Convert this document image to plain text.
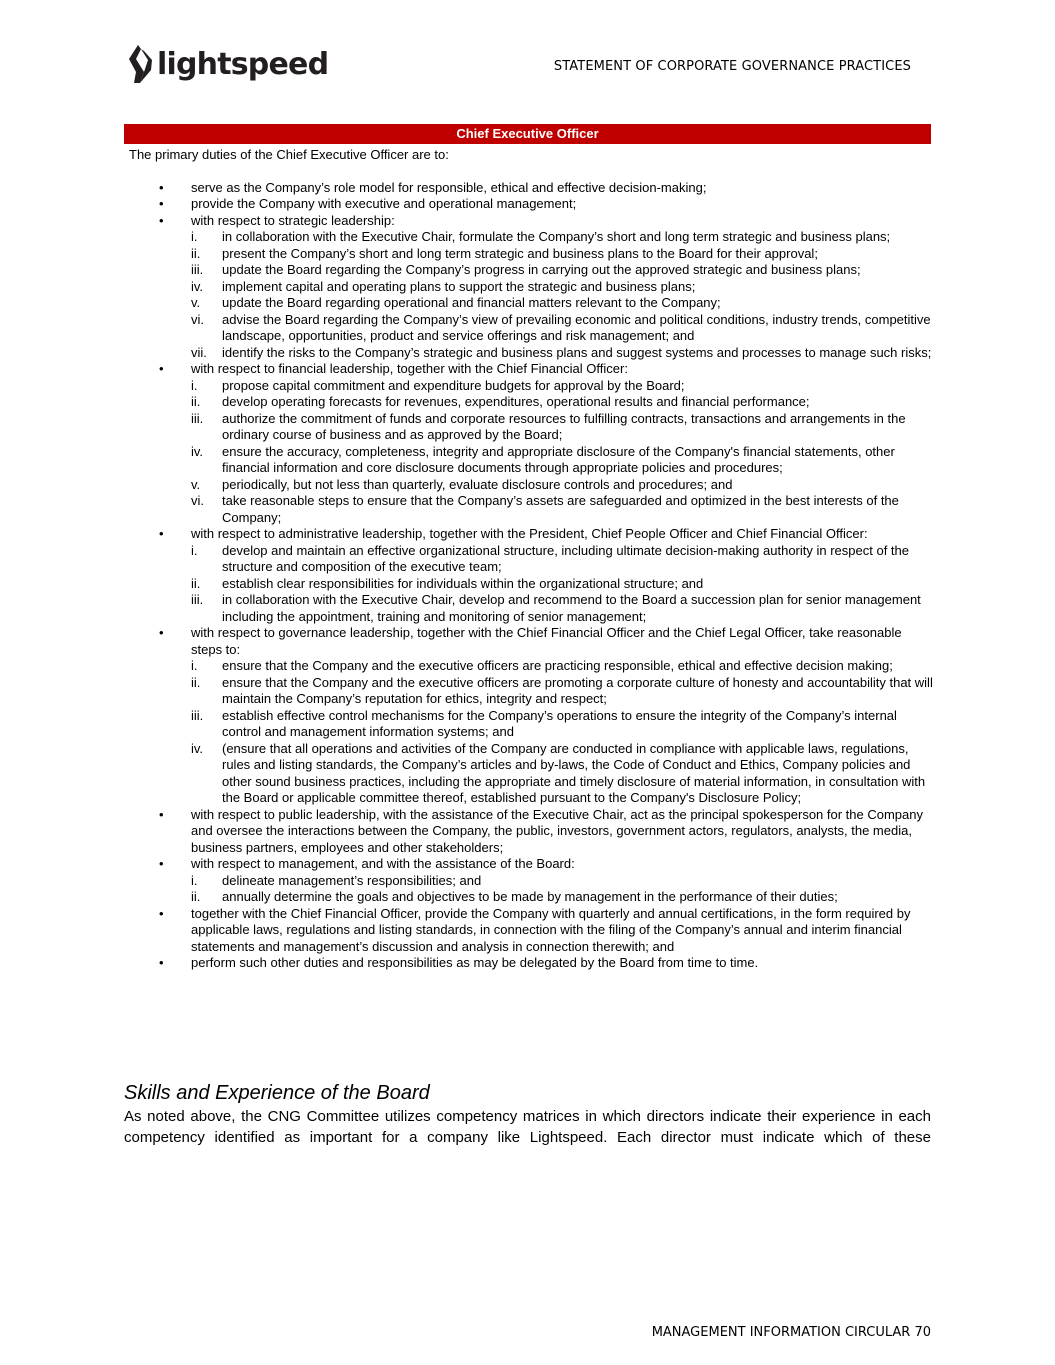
lightspeed	STATEMENT OF CORPORATE GOVERNANCE PRACTICES
Chief Executive Officer
The primary duties of the Chief Executive Officer are to:
• serve as the Company’s role model for responsible, ethical and effective decision-making;
• provide the Company with executive and operational management;
• with respect to strategic leadership:
i. in collaboration with the Executive Chair, formulate the Company’s short and long term strategic and business plans;
ii. present the Company’s short and long term strategic and business plans to the Board for their approval;
iii. update the Board regarding the Company’s progress in carrying out the approved strategic and business plans;
iv. implement capital and operating plans to support the strategic and business plans;
v. update the Board regarding operational and financial matters relevant to the Company;
vi. advise the Board regarding the Company’s view of prevailing economic and political conditions, industry trends, competitive landscape, opportunities, product and service offerings and risk management; and
vii. identify the risks to the Company’s strategic and business plans and suggest systems and processes to manage such risks;
• with respect to financial leadership, together with the Chief Financial Officer:
i. propose capital commitment and expenditure budgets for approval by the Board;
ii. develop operating forecasts for revenues, expenditures, operational results and financial performance;
iii. authorize the commitment of funds and corporate resources to fulfilling contracts, transactions and arrangements in the ordinary course of business and as approved by the Board;
iv. ensure the accuracy, completeness, integrity and appropriate disclosure of the Company's financial statements, other financial information and core disclosure documents through appropriate policies and procedures;
v. periodically, but not less than quarterly, evaluate disclosure controls and procedures; and
vi. take reasonable steps to ensure that the Company’s assets are safeguarded and optimized in the best interests of the Company;
• with respect to administrative leadership, together with the President, Chief People Officer and Chief Financial Officer:
i. develop and maintain an effective organizational structure, including ultimate decision-making authority in respect of the structure and composition of the executive team;
ii. establish clear responsibilities for individuals within the organizational structure; and
iii. in collaboration with the Executive Chair, develop and recommend to the Board a succession plan for senior management including the appointment, training and monitoring of senior management;
• with respect to governance leadership, together with the Chief Financial Officer and the Chief Legal Officer, take reasonable steps to:
i. ensure that the Company and the executive officers are practicing responsible, ethical and effective decision making;
ii. ensure that the Company and the executive officers are promoting a corporate culture of honesty and accountability that will maintain the Company’s reputation for ethics, integrity and respect;
iii. establish effective control mechanisms for the Company’s operations to ensure the integrity of the Company’s internal control and management information systems; and
iv. (ensure that all operations and activities of the Company are conducted in compliance with applicable laws, regulations, rules and listing standards, the Company’s articles and by-laws, the Code of Conduct and Ethics, Company policies and other sound business practices, including the appropriate and timely disclosure of material information, in consultation with the Board or applicable committee thereof, established pursuant to the Company's Disclosure Policy;
• with respect to public leadership, with the assistance of the Executive Chair, act as the principal spokesperson for the Company and oversee the interactions between the Company, the public, investors, government actors, regulators, analysts, the media, business partners, employees and other stakeholders;
• with respect to management, and with the assistance of the Board:
i. delineate management’s responsibilities; and
ii. annually determine the goals and objectives to be made by management in the performance of their duties;
• together with the Chief Financial Officer, provide the Company with quarterly and annual certifications, in the form required by applicable laws, regulations and listing standards, in connection with the filing of the Company’s annual and interim financial statements and management’s discussion and analysis in connection therewith; and
• perform such other duties and responsibilities as may be delegated by the Board from time to time.
Skills and Experience of the Board
As noted above, the CNG Committee utilizes competency matrices in which directors indicate their experience in each competency identified as important for a company like Lightspeed. Each director must indicate which of these
MANAGEMENT INFORMATION CIRCULAR 70
